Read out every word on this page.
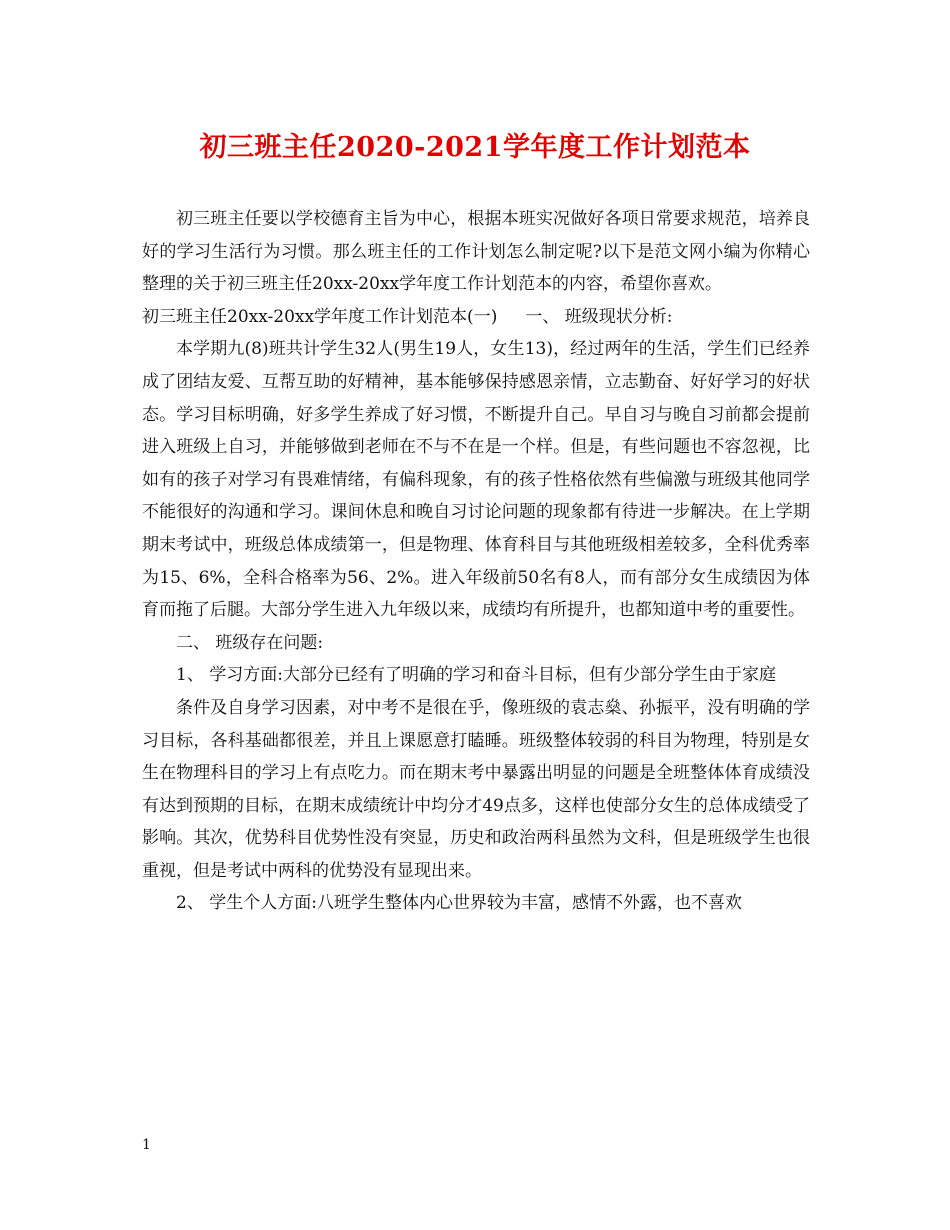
初三班主任2020-2021学年度工作计划范本

初三班主任要以学校德育主旨为中心，根据本班实况做好各项日常要求规范，培养良好的学习生活行为习惯。那么班主任的工作计划怎么制定呢?以下是范文网小编为你精心整理的关于初三班主任20xx-20xx学年度工作计划范本的内容，希望你喜欢。

初三班主任20xx-20xx学年度工作计划范本(一) 一、 班级现状分析:

本学期九(8)班共计学生32人(男生19人，女生13)，经过两年的生活，学生们已经养成了团结友爱、互帮互助的好精神，基本能够保持感恩亲情，立志勤奋、好好学习的好状态。学习目标明确，好多学生养成了好习惯，不断提升自己。早自习与晚自习前都会提前进入班级上自习，并能够做到老师在不与不在是一个样。但是，有些问题也不容忽视，比如有的孩子对学习有畏难情绪，有偏科现象，有的孩子性格依然有些偏激与班级其他同学不能很好的沟通和学习。课间休息和晚自习讨论问题的现象都有待进一步解决。在上学期期末考试中，班级总体成绩第一，但是物理、体育科目与其他班级相差较多，全科优秀率为15、6%，全科合格率为56、2%。进入年级前50名有8人，而有部分女生成绩因为体育而拖了后腿。大部分学生进入九年级以来，成绩均有所提升，也都知道中考的重要性。

二、 班级存在问题:

1、 学习方面:大部分已经有了明确的学习和奋斗目标，但有少部分学生由于家庭

条件及自身学习因素，对中考不是很在乎，像班级的袁志燊、孙振平，没有明确的学习目标，各科基础都很差，并且上课愿意打瞌睡。班级整体较弱的科目为物理，特别是女生在物理科目的学习上有点吃力。而在期末考中暴露出明显的问题是全班整体体育成绩没有达到预期的目标，在期末成绩统计中均分才49点多，这样也使部分女生的总体成绩受了影响。其次，优势科目优势性没有突显，历史和政治两科虽然为文科，但是班级学生也很重视，但是考试中两科的优势没有显现出来。

2、 学生个人方面:八班学生整体内心世界较为丰富，感情不外露，也不喜欢

1
